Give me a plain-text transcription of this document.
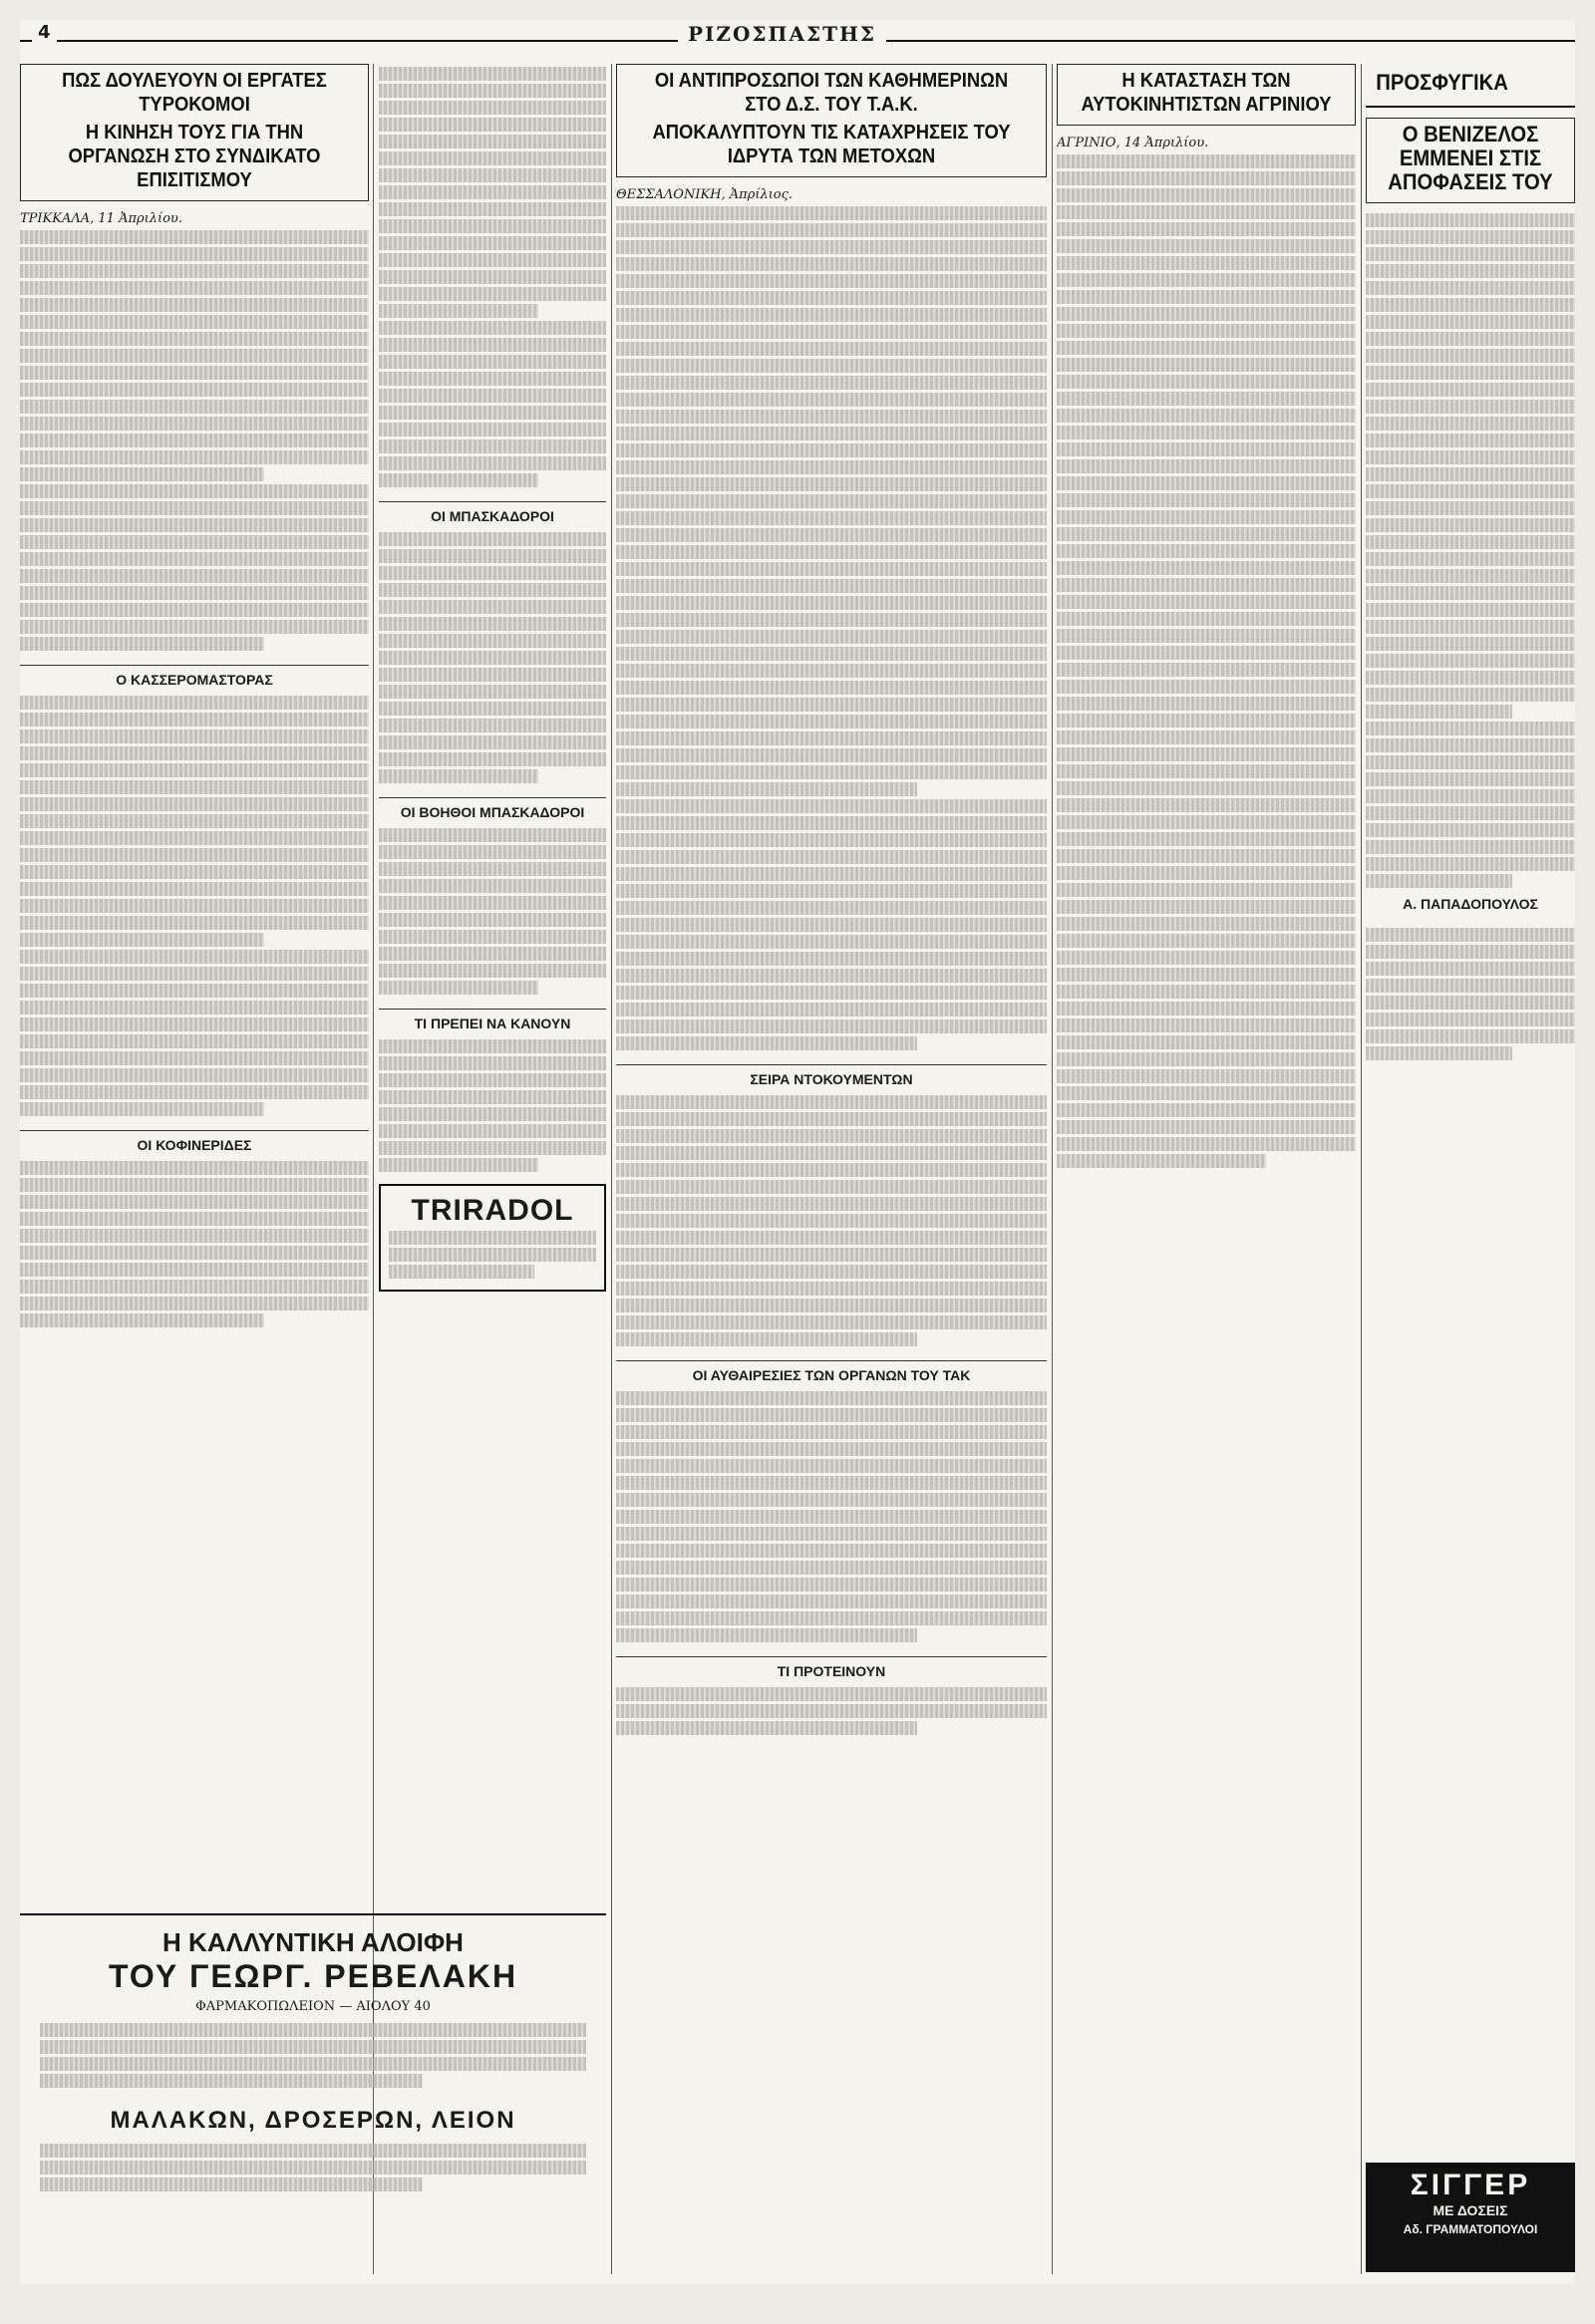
4	ΡΙΖΟΣΠΑΣΤΗΣ
ΠΩΣ ΔΟΥΛΕΥΟΥΝ ΟΙ ΕΡΓΑΤΕΣ ΤΥΡΟΚΟΜΟΙ
Η ΚΙΝΗΣΗ ΤΟΥΣ ΓΙΑ ΤΗΝ ΟΡΓΑΝΩΣΗ ΣΤΟ ΣΥΝΔΙΚΑΤΟ ΕΠΙΣΙΤΙΣΜΟΥ
ΤΡΙΚΚΑΛΑ, 11 Ἀπριλίου.
Ο ΚΑΣΣΕΡΟΜΑΣΤΟΡΑΣ
ΟΙ ΚΟΦΙΝΕΡΙΔΕΣ
ΟΙ ΜΠΑΣΚΑΔΟΡΟΙ
ΟΙ ΒΟΗΘΟΙ ΜΠΑΣΚΑΔΟΡΟΙ
ΤΙ ΠΡΕΠΕΙ ΝΑ ΚΑΝΟΥΝ
TRIRADOL
Η ΚΑΛΛΥΝΤΙΚΗ ΑΛΟΙΦΗ
ΤΟΥ ΓΕΩΡΓ. ΡΕΒΕΛΑΚΗ
ΦΑΡΜΑΚΟΠΩΛΕΙΟΝ — ΑΙΟΛΟΥ 40
ΜΑΛΑΚΩΝ, ΔΡΟΣΕΡΩΝ, ΛΕΙΟΝ
ΟΙ ΑΝΤΙΠΡΟΣΩΠΟΙ ΤΩΝ ΚΑΘΗΜΕΡΙΝΩΝ ΣΤΟ Δ.Σ. ΤΟΥ Τ.Α.Κ.
ΑΠΟΚΑΛΥΠΤΟΥΝ ΤΙΣ ΚΑΤΑΧΡΗΣΕΙΣ ΤΟΥ ΙΔΡΥΤΑ ΤΩΝ ΜΕΤΟΧΩΝ
ΘΕΣΣΑΛΟΝΙΚΗ, Ἀπρίλιος.
ΣΕΙΡΑ ΝΤΟΚΟΥΜΕΝΤΩΝ
ΟΙ ΑΥΘΑΙΡΕΣΙΕΣ ΤΩΝ ΟΡΓΑΝΩΝ ΤΟΥ ΤΑΚ
ΤΙ ΠΡΟΤΕΙΝΟΥΝ
Η ΚΑΤΑΣΤΑΣΗ ΤΩΝ ΑΥΤΟΚΙΝΗΤΙΣΤΩΝ ΑΓΡΙΝΙΟΥ
ΑΓΡΙΝΙΟ, 14 Ἀπριλίου.
ΠΡΟΣΦΥΓΙΚΑ
Ο ΒΕΝΙΖΕΛΟΣ ΕΜΜΕΝΕΙ ΣΤΙΣ ΑΠΟΦΑΣΕΙΣ ΤΟΥ
Α. ΠΑΠΑΔΟΠΟΥΛΟΣ
ΣΙΓΓΕΡ
ΜΕ ΔΟΣΕΙΣ
Αδ. ΓΡΑΜΜΑΤΟΠΟΥΛΟΙ
